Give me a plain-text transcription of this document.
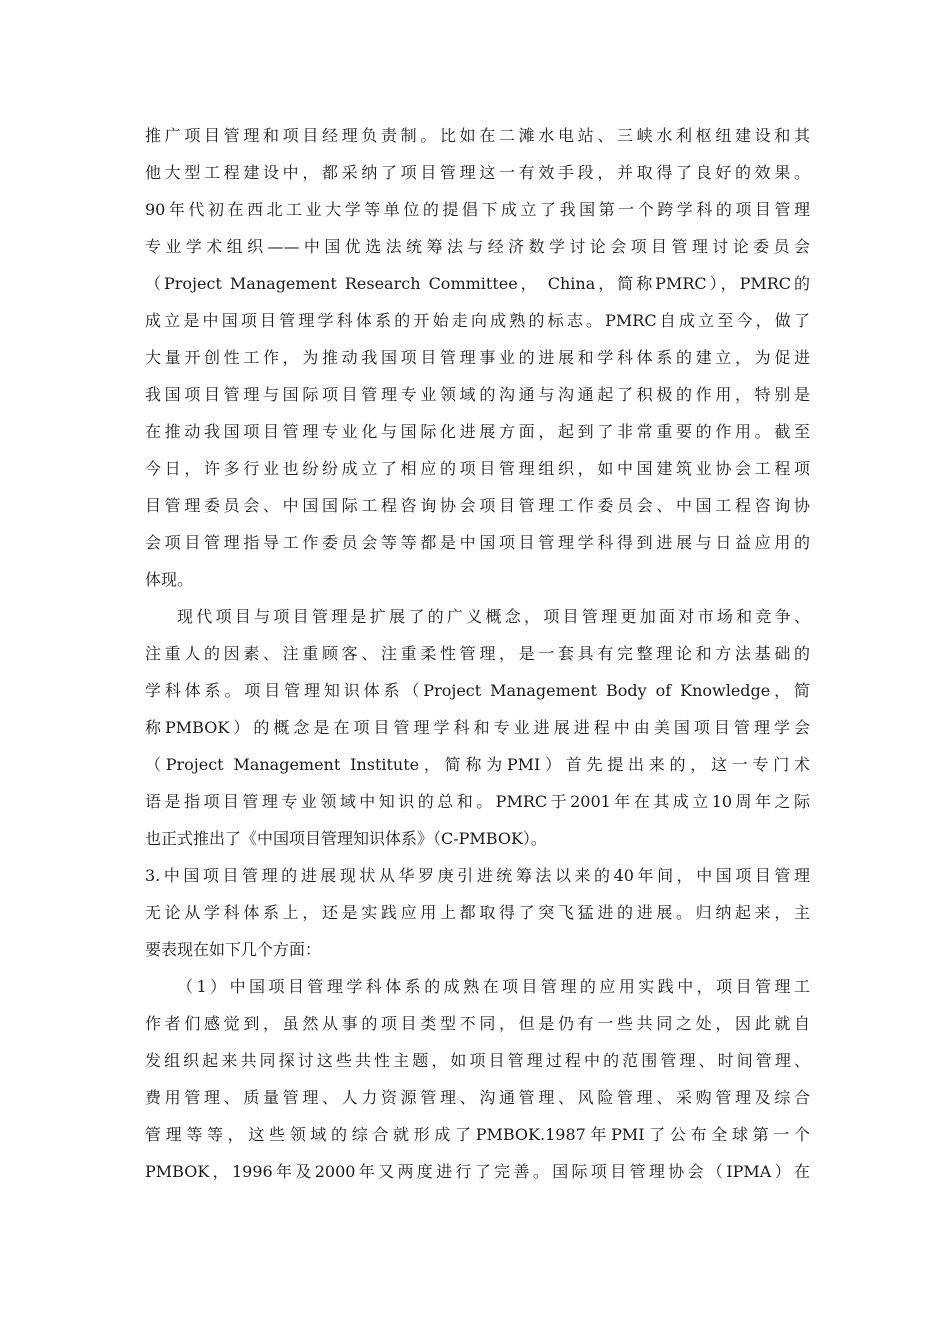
推广项目管理和项目经理负责制。比如在二滩水电站、三峡水利枢纽建设和其
他大型工程建设中，都采纳了项目管理这一有效手段，并取得了良好的效果。
90年代初在西北工业大学等单位的提倡下成立了我国第一个跨学科的项目管理
专业学术组织——中国优选法统筹法与经济数学讨论会项目管理讨论委员会
（Project Management Research Committee， China，简称PMRC），PMRC的
成立是中国项目管理学科体系的开始走向成熟的标志。PMRC自成立至今，做了
大量开创性工作，为推动我国项目管理事业的进展和学科体系的建立，为促进
我国项目管理与国际项目管理专业领域的沟通与沟通起了积极的作用，特别是
在推动我国项目管理专业化与国际化进展方面，起到了非常重要的作用。截至
今日，许多行业也纷纷成立了相应的项目管理组织，如中国建筑业协会工程项
目管理委员会、中国国际工程咨询协会项目管理工作委员会、中国工程咨询协
会项目管理指导工作委员会等等都是中国项目管理学科得到进展与日益应用的
体现。
现代项目与项目管理是扩展了的广义概念，项目管理更加面对市场和竞争、
注重人的因素、注重顾客、注重柔性管理，是一套具有完整理论和方法基础的
学科体系。项目管理知识体系（Project Management Body of Knowledge，简
称PMBOK）的概念是在项目管理学科和专业进展进程中由美国项目管理学会
（Project Management Institute，简称为PMI）首先提出来的，这一专门术
语是指项目管理专业领域中知识的总和。PMRC于2001年在其成立10周年之际
也正式推出了《中国项目管理知识体系》（C-PMBOK）。
3.中国项目管理的进展现状从华罗庚引进统筹法以来的40年间，中国项目管理
无论从学科体系上，还是实践应用上都取得了突飞猛进的进展。归纳起来，主
要表现在如下几个方面：
（1）中国项目管理学科体系的成熟在项目管理的应用实践中，项目管理工
作者们感觉到，虽然从事的项目类型不同，但是仍有一些共同之处，因此就自
发组织起来共同探讨这些共性主题，如项目管理过程中的范围管理、时间管理、
费用管理、质量管理、人力资源管理、沟通管理、风险管理、采购管理及综合
管理等等，这些领域的综合就形成了PMBOK.1987年PMI了公布全球第一个
PMBOK，1996年及2000年又两度进行了完善。国际项目管理协会（IPMA）在
